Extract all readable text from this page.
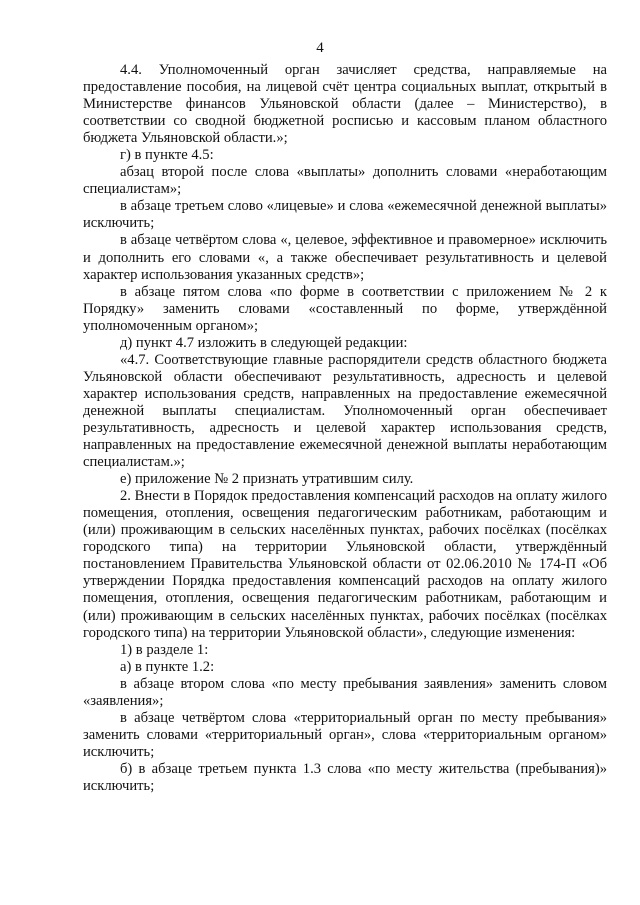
4

4.4. Уполномоченный орган зачисляет средства, направляемые на предоставление пособия, на лицевой счёт центра социальных выплат, открытый в Министерстве финансов Ульяновской области (далее – Министерство), в соответствии со сводной бюджетной росписью и кассовым планом областного бюджета Ульяновской области.»;

г) в пункте 4.5:

абзац второй после слова «выплаты» дополнить словами «неработающим специалистам»;

в абзаце третьем слово «лицевые» и слова «ежемесячной денежной выплаты» исключить;

в абзаце четвёртом слова «, целевое, эффективное и правомерное» исключить и дополнить его словами «, а также обеспечивает результативность и целевой характер использования указанных средств»;

в абзаце пятом слова «по форме в соответствии с приложением № 2 к Порядку» заменить словами «составленный по форме, утверждённой уполномоченным органом»;

д) пункт 4.7 изложить в следующей редакции:

«4.7. Соответствующие главные распорядители средств областного бюджета Ульяновской области обеспечивают результативность, адресность и целевой характер использования средств, направленных на предоставление ежемесячной денежной выплаты специалистам. Уполномоченный орган обеспечивает результативность, адресность и целевой характер использования средств, направленных на предоставление ежемесячной денежной выплаты неработающим специалистам.»;

е) приложение № 2 признать утратившим силу.

2. Внести в Порядок предоставления компенсаций расходов на оплату жилого помещения, отопления, освещения педагогическим работникам, работающим и (или) проживающим в сельских населённых пунктах, рабочих посёлках (посёлках городского типа) на территории Ульяновской области, утверждённый постановлением Правительства Ульяновской области от 02.06.2010 № 174-П «Об утверждении Порядка предоставления компенсаций расходов на оплату жилого помещения, отопления, освещения педагогическим работникам, работающим и (или) проживающим в сельских населённых пунктах, рабочих посёлках (посёлках городского типа) на территории Ульяновской области», следующие изменения:

1) в разделе 1:

а) в пункте 1.2:

в абзаце втором слова «по месту пребывания заявления» заменить словом «заявления»;

в абзаце четвёртом слова «территориальный орган по месту пребывания» заменить словами «территориальный орган», слова «территориальным органом» исключить;

б) в абзаце третьем пункта 1.3 слова «по месту жительства (пребывания)» исключить;
